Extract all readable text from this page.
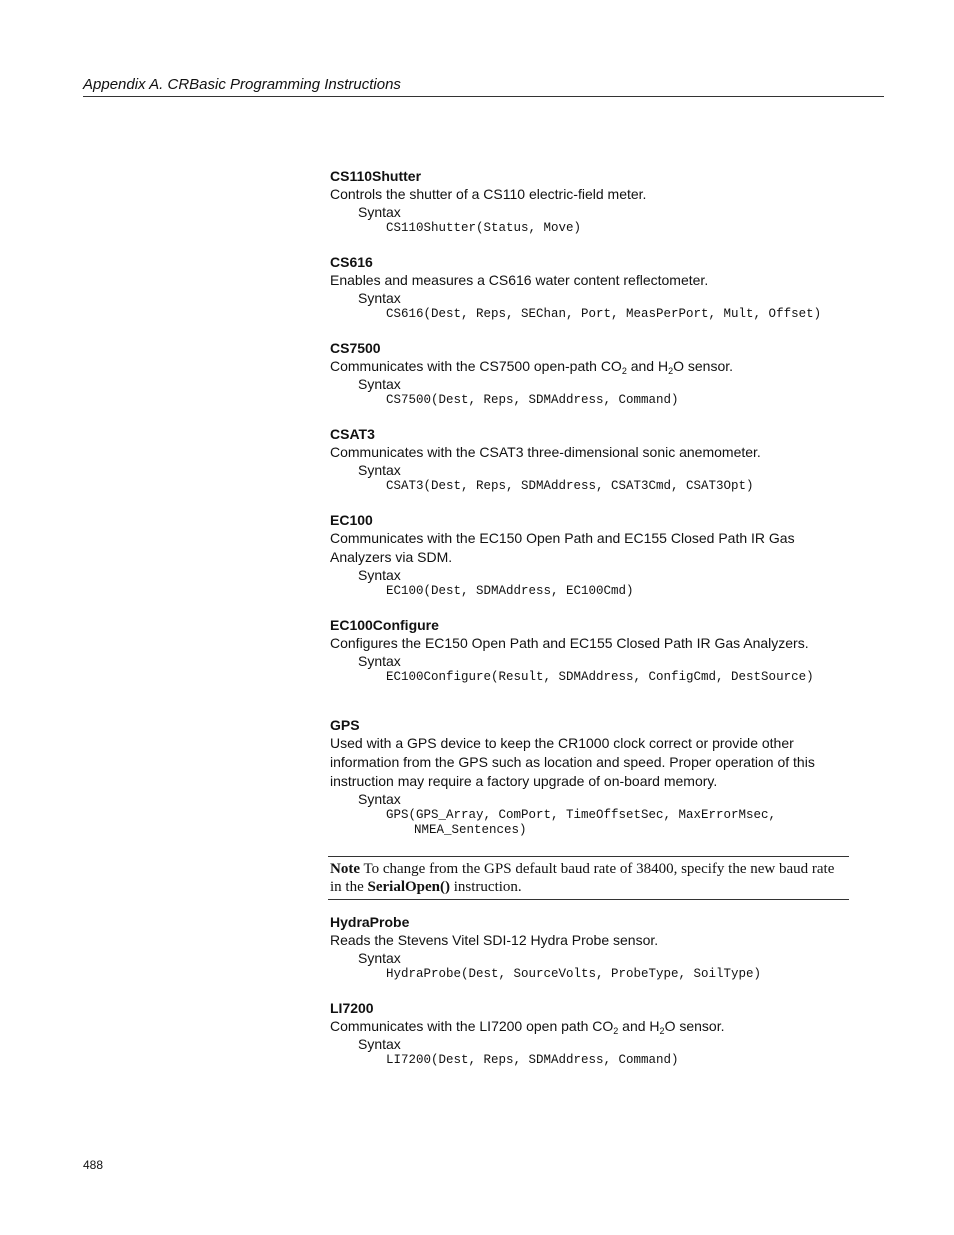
Appendix A. CRBasic Programming Instructions
CS110Shutter
Controls the shutter of a CS110 electric-field meter.
Syntax
CS110Shutter(Status, Move)
CS616
Enables and measures a CS616 water content reflectometer.
Syntax
CS616(Dest, Reps, SEChan, Port, MeasPerPort, Mult, Offset)
CS7500
Communicates with the CS7500 open-path $CO_2$ and $H_2O$ sensor.
Syntax
CS7500(Dest, Reps, SDMAddress, Command)
CSAT3
Communicates with the CSAT3 three-dimensional sonic anemometer.
Syntax
CSAT3(Dest, Reps, SDMAddress, CSAT3Cmd, CSAT3Opt)
EC100
Communicates with the EC150 Open Path and EC155 Closed Path IR Gas Analyzers via SDM.
Syntax
EC100(Dest, SDMAddress, EC100Cmd)
EC100Configure
Configures the EC150 Open Path and EC155 Closed Path IR Gas Analyzers.
Syntax
EC100Configure(Result, SDMAddress, ConfigCmd, DestSource)
GPS
Used with a GPS device to keep the CR1000 clock correct or provide other information from the GPS such as location and speed. Proper operation of this instruction may require a factory upgrade of on-board memory.
Syntax
GPS(GPS_Array, ComPort, TimeOffsetSec, MaxErrorMsec,
NMEA_Sentences)
Note To change from the GPS default baud rate of 38400, specify the new baud rate in the SerialOpen() instruction.
HydraProbe
Reads the Stevens Vitel SDI-12 Hydra Probe sensor.
Syntax
HydraProbe(Dest, SourceVolts, ProbeType, SoilType)
LI7200
Communicates with the LI7200 open path $CO_2$ and $H_2O$ sensor.
Syntax
LI7200(Dest, Reps, SDMAddress, Command)
488
